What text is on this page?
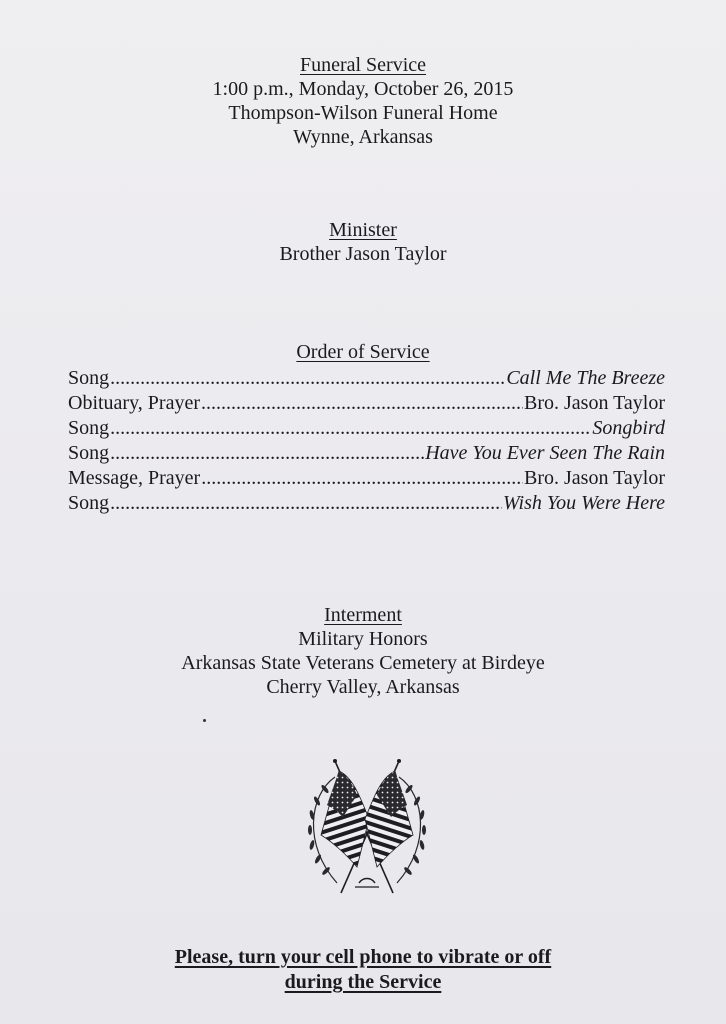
Funeral Service
1:00 p.m., Monday, October 26, 2015
Thompson-Wilson Funeral Home
Wynne, Arkansas
Minister
Brother Jason Taylor
Order of Service
Song .....	Call Me The Breeze
Obituary, Prayer .....	Bro. Jason Taylor
Song .....	Songbird
Song .....	Have You Ever Seen The Rain
Message, Prayer .....	Bro. Jason Taylor
Song .....	Wish You Were Here
Interment
Military Honors
Arkansas State Veterans Cemetery at Birdeye
Cherry Valley, Arkansas
Please, turn your cell phone to vibrate or off
during the Service
